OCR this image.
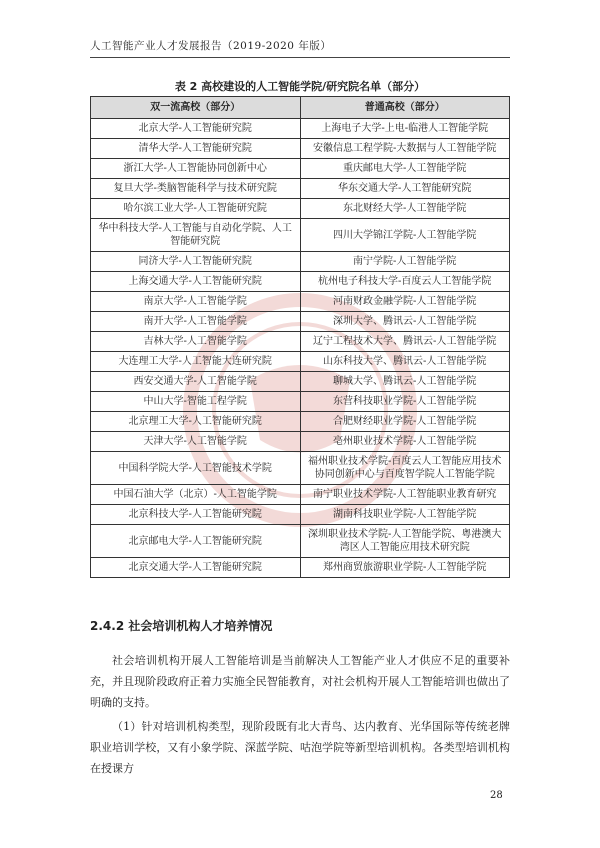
人工智能产业人才发展报告（2019-2020 年版）
表 2 高校建设的人工智能学院/研究院名单（部分）
双一流高校（部分）	普通高校（部分）
北京大学-人工智能研究院	上海电子大学-上电-临港人工智能学院
清华大学-人工智能研究院	安徽信息工程学院-大数据与人工智能学院
浙江大学-人工智能协同创新中心	重庆邮电大学-人工智能学院
复旦大学-类脑智能科学与技术研究院	华东交通大学-人工智能研究院
哈尔滨工业大学-人工智能研究院	东北财经大学-人工智能学院
华中科技大学-人工智能与自动化学院、人工智能研究院	四川大学锦江学院-人工智能学院
同济大学-人工智能研究院	南宁学院-人工智能学院
上海交通大学-人工智能研究院	杭州电子科技大学-百度云人工智能学院
南京大学-人工智能学院	河南财政金融学院-人工智能学院
南开大学-人工智能学院	深圳大学、腾讯云-人工智能学院
吉林大学-人工智能学院	辽宁工程技术大学、腾讯云-人工智能学院
大连理工大学-人工智能大连研究院	山东科技大学、腾讯云-人工智能学院
西安交通大学-人工智能学院	聊城大学、腾讯云-人工智能学院
中山大学-智能工程学院	东营科技职业学院-人工智能学院
北京理工大学-人工智能研究院	合肥财经职业学院-人工智能学院
天津大学-人工智能学院	亳州职业技术学院-人工智能学院
中国科学院大学-人工智能技术学院	福州职业技术学院-百度云人工智能应用技术协同创新中心与百度智学院人工智能学院
中国石油大学（北京）-人工智能学院	南宁职业技术学院-人工智能职业教育研究
北京科技大学-人工智能研究院	湖南科技职业学院-人工智能学院
北京邮电大学-人工智能研究院	深圳职业技术学院-人工智能学院、粤港澳大湾区人工智能应用技术研究院
北京交通大学-人工智能研究院	郑州商贸旅游职业学院-人工智能学院
2.4.2 社会培训机构人才培养情况
社会培训机构开展人工智能培训是当前解决人工智能产业人才供应不足的重要补充，并且现阶段政府正着力实施全民智能教育，对社会机构开展人工智能培训也做出了明确的支持。
（1）针对培训机构类型，现阶段既有北大青鸟、达内教育、光华国际等传统老牌职业培训学校，又有小象学院、深蓝学院、咕泡学院等新型培训机构。各类型培训机构在授课方
28
